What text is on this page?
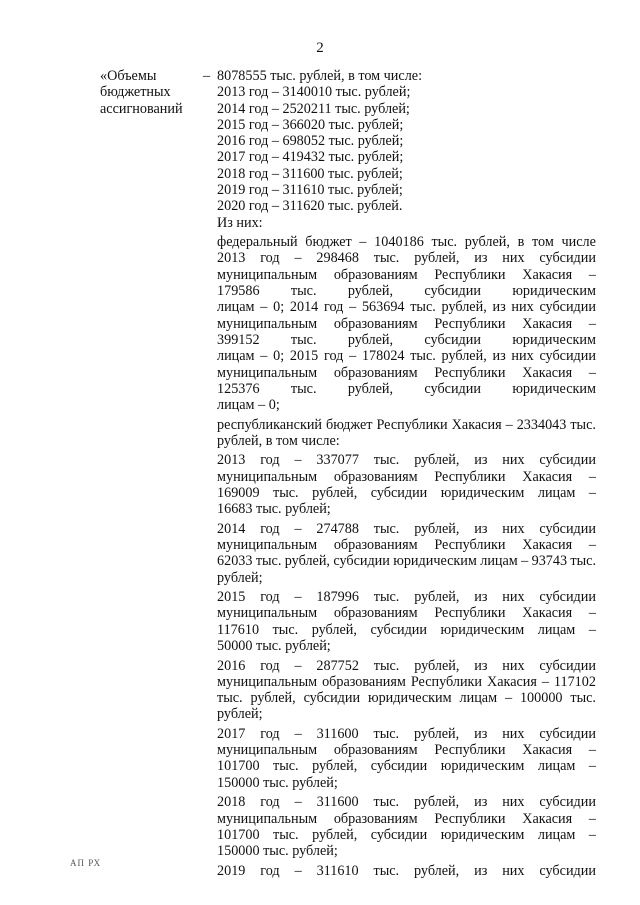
2
«Объемы
бюджетных
ассигнований
– 8078555 тыс. рублей, в том числе:
2013 год – 3140010 тыс. рублей;
2014 год – 2520211 тыс. рублей;
2015 год – 366020 тыс. рублей;
2016 год – 698052 тыс. рублей;
2017 год – 419432 тыс. рублей;
2018 год – 311600 тыс. рублей;
2019 год – 311610 тыс. рублей;
2020 год – 311620 тыс. рублей.
Из них:
федеральный бюджет – 1040186 тыс. рублей, в том числе
2013 год – 298468 тыс. рублей, из них субсидии
муниципальным образованиям Республики Хакасия –
179586 тыс. рублей, субсидии юридическим
лицам – 0; 2014 год – 563694 тыс. рублей, из них субсидии
муниципальным образованиям Республики Хакасия –
399152 тыс. рублей, субсидии юридическим
лицам – 0; 2015 год – 178024 тыс. рублей, из них субсидии
муниципальным образованиям Республики Хакасия –
125376 тыс. рублей, субсидии юридическим
лицам – 0;
республиканский бюджет Республики Хакасия – 2334043 тыс.
рублей, в том числе:
2013 год – 337077 тыс. рублей, из них субсидии
муниципальным образованиям Республики Хакасия –
169009 тыс. рублей, субсидии юридическим лицам –
16683 тыс. рублей;
2014 год – 274788 тыс. рублей, из них субсидии
муниципальным образованиям Республики Хакасия –
62033 тыс. рублей, субсидии юридическим лицам – 93743 тыс.
рублей;
2015 год – 187996 тыс. рублей, из них субсидии
муниципальным образованиям Республики Хакасия –
117610 тыс. рублей, субсидии юридическим лицам –
50000 тыс. рублей;
2016 год – 287752 тыс. рублей, из них субсидии
муниципальным образованиям Республики Хакасия – 117102
тыс. рублей, субсидии юридическим лицам – 100000 тыс.
рублей;
2017 год – 311600 тыс. рублей, из них субсидии
муниципальным образованиям Республики Хакасия –
101700 тыс. рублей, субсидии юридическим лицам –
150000 тыс. рублей;
2018 год – 311600 тыс. рублей, из них субсидии
муниципальным образованиям Республики Хакасия –
101700 тыс. рублей, субсидии юридическим лицам –
150000 тыс. рублей;
2019 год – 311610 тыс. рублей, из них субсидии
АП РХ
